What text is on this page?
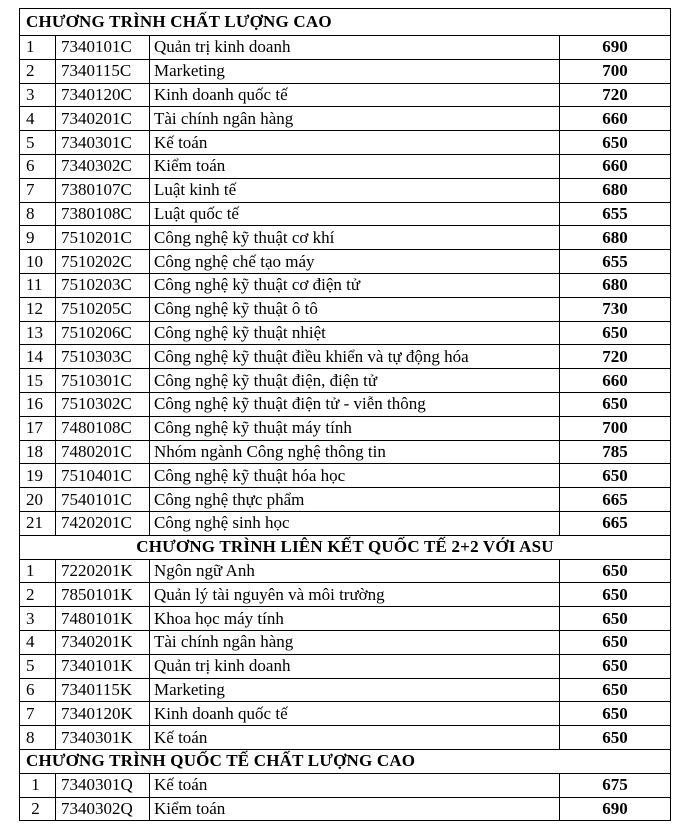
CHƯƠNG TRÌNH CHẤT LƯỢNG CAO			
1	7340101C	Quản trị kinh doanh	690
2	7340115C	Marketing	700
3	7340120C	Kinh doanh quốc tế	720
4	7340201C	Tài chính ngân hàng	660
5	7340301C	Kế toán	650
6	7340302C	Kiểm toán	660
7	7380107C	Luật kinh tế	680
8	7380108C	Luật quốc tế	655
9	7510201C	Công nghệ kỹ thuật cơ khí	680
10	7510202C	Công nghệ chế tạo máy	655
11	7510203C	Công nghệ kỹ thuật cơ điện tử	680
12	7510205C	Công nghệ kỹ thuật ô tô	730
13	7510206C	Công nghệ kỹ thuật nhiệt	650
14	7510303C	Công nghệ kỹ thuật điều khiển và tự động hóa	720
15	7510301C	Công nghệ kỹ thuật điện, điện tử	660
16	7510302C	Công nghệ kỹ thuật điện tử - viễn thông	650
17	7480108C	Công nghệ kỹ thuật máy tính	700
18	7480201C	Nhóm ngành Công nghệ thông tin	785
19	7510401C	Công nghệ kỹ thuật hóa học	650
20	7540101C	Công nghệ thực phẩm	665
21	7420201C	Công nghệ sinh học	665
CHƯƠNG TRÌNH LIÊN KẾT QUỐC TẾ 2+2 VỚI ASU			
1	7220201K	Ngôn ngữ Anh	650
2	7850101K	Quản lý tài nguyên và môi trường	650
3	7480101K	Khoa học máy tính	650
4	7340201K	Tài chính ngân hàng	650
5	7340101K	Quản trị kinh doanh	650
6	7340115K	Marketing	650
7	7340120K	Kinh doanh quốc tế	650
8	7340301K	Kế toán	650
CHƯƠNG TRÌNH QUỐC TẾ CHẤT LƯỢNG CAO			
1	7340301Q	Kế toán	675
2	7340302Q	Kiểm toán	690
